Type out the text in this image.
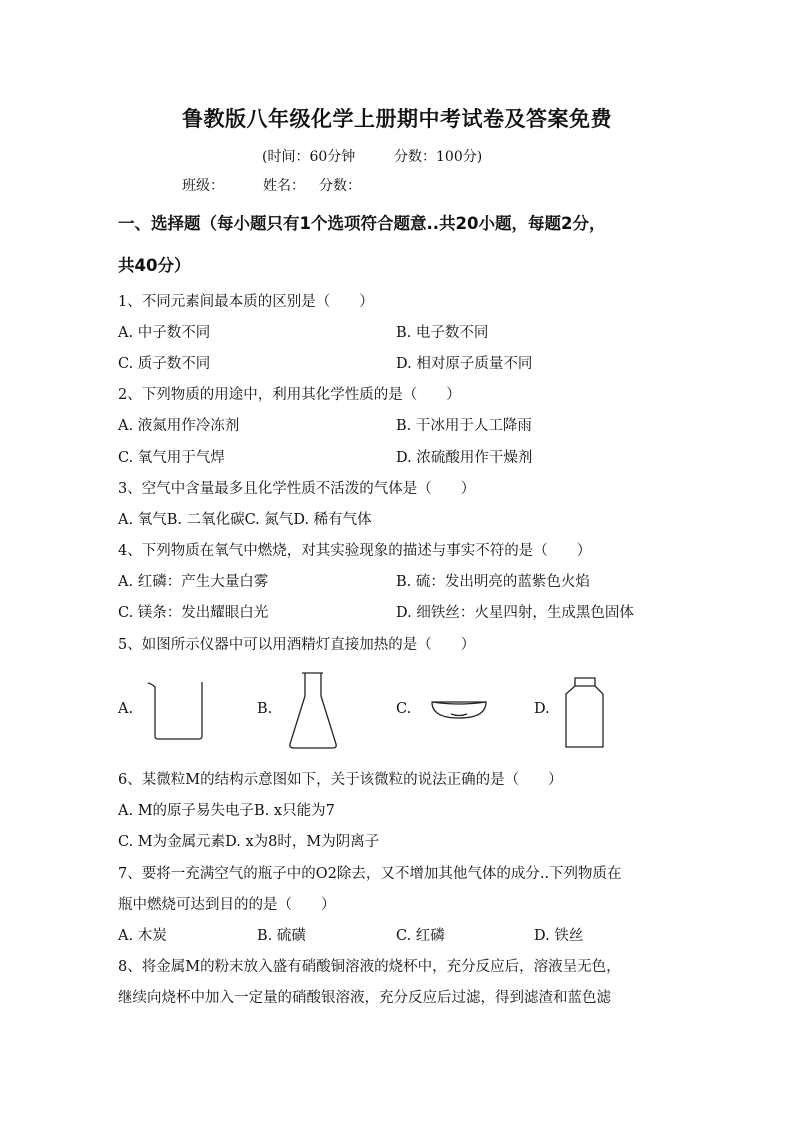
鲁教版八年级化学上册期中考试卷及答案免费
(时间：60分钟	分数：100分)
班级：	姓名： 分数：
一、选择题（每小题只有1个选项符合题意..共20小题，每题2分，
共40分）
1、不同元素间最本质的区别是（　　）
A. 中子数不同	B. 电子数不同
C. 质子数不同	D. 相对原子质量不同
2、下列物质的用途中，利用其化学性质的是（　　）
A. 液氮用作冷冻剂	B. 干冰用于人工降雨
C. 氧气用于气焊	D. 浓硫酸用作干燥剂
3、空气中含量最多且化学性质不活泼的气体是（　　）
A. 氧气B. 二氧化碳C. 氮气D. 稀有气体
4、下列物质在氧气中燃烧，对其实验现象的描述与事实不符的是（　　）
A. 红磷：产生大量白雾	B. 硫：发出明亮的蓝紫色火焰
C. 镁条：发出耀眼白光	D. 细铁丝：火星四射，生成黑色固体
5、如图所示仪器中可以用酒精灯直接加热的是（　　）
A.	B.	C.	D.
6、某微粒M的结构示意图如下，关于该微粒的说法正确的是（　　）
A. M的原子易失电子B. x只能为7
C. M为金属元素D. x为8时，M为阴离子
7、要将一充满空气的瓶子中的O2除去，又不增加其他气体的成分..下列物质在
瓶中燃烧可达到目的的是（　　）
A. 木炭	B. 硫磺	C. 红磷	D. 铁丝
8、将金属M的粉末放入盛有硝酸铜溶液的烧杯中，充分反应后，溶液呈无色，
继续向烧杯中加入一定量的硝酸银溶液，充分反应后过滤，得到滤渣和蓝色滤
